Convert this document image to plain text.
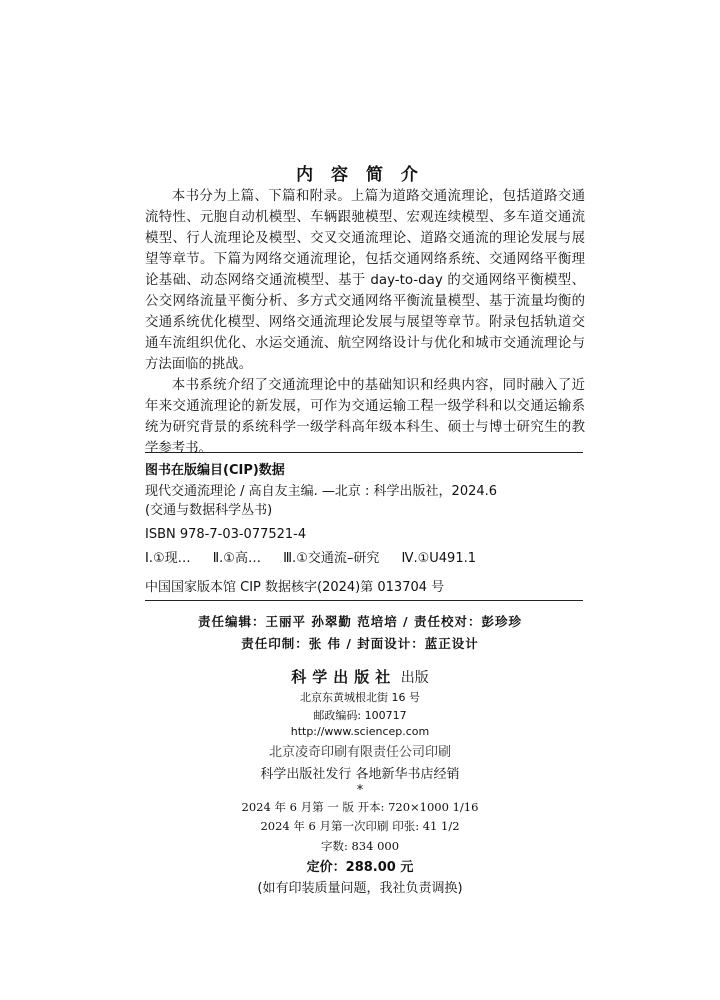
内 容 简 介

本书分为上篇、下篇和附录。上篇为道路交通流理论，包括道路交通流特性、元胞自动机模型、车辆跟驰模型、宏观连续模型、多车道交通流模型、行人流理论及模型、交叉交通流理论、道路交通流的理论发展与展望等章节。下篇为网络交通流理论，包括交通网络系统、交通网络平衡理论基础、动态网络交通流模型、基于 day-to-day 的交通网络平衡模型、公交网络流量平衡分析、多方式交通网络平衡流量模型、基于流量均衡的交通系统优化模型、网络交通流理论发展与展望等章节。附录包括轨道交通车流组织优化、水运交通流、航空网络设计与优化和城市交通流理论与方法面临的挑战。

本书系统介绍了交通流理论中的基础知识和经典内容，同时融入了近年来交通流理论的新发展，可作为交通运输工程一级学科和以交通运输系统为研究背景的系统科学一级学科高年级本科生、硕士与博士研究生的教学参考书。

图书在版编目(CIP)数据
现代交通流理论 / 高自友主编. —北京 : 科学出版社，2024.6
(交通与数据科学丛书)
ISBN 978-7-03-077521-4
Ⅰ.①现… Ⅱ.①高… Ⅲ.①交通流–研究 Ⅳ.①U491.1
中国国家版本馆 CIP 数据核字(2024)第 013704 号
责任编辑：王丽平 孙翠勤 范培培 / 责任校对：彭珍珍
责任印制：张 伟 / 封面设计：蓝正设计
科学出版社 出版
北京东黄城根北街 16 号
邮政编码: 100717
http://www.sciencep.com
北京凌奇印刷有限责任公司印刷
科学出版社发行 各地新华书店经销
*
2024 年 6 月第 一 版 开本: 720×1000 1/16
2024 年 6 月第一次印刷 印张: 41 1/2
字数: 834 000
定价：288.00 元
(如有印装质量问题，我社负责调换)
